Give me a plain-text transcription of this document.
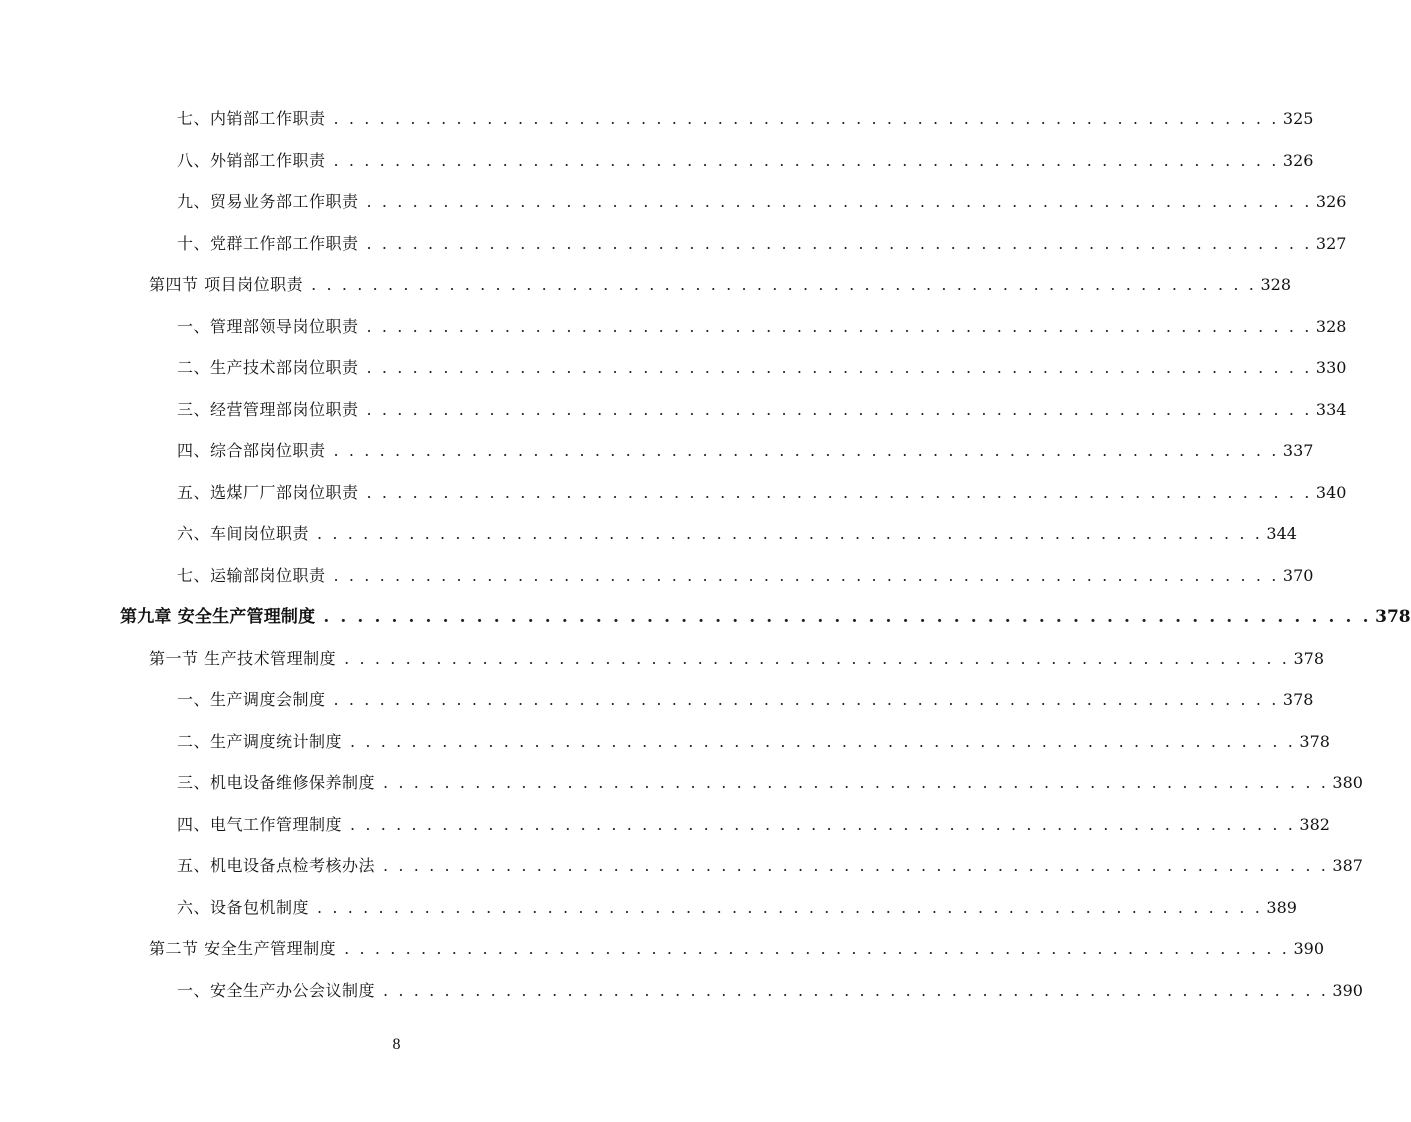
七、内销部工作职责 . . . . . . . . . . . . . . . . . . . . . . . . . . . . . . . . . . . . . . . . . . . . . . . . . . . . . . . . . . . . . . 325
八、外销部工作职责 . . . . . . . . . . . . . . . . . . . . . . . . . . . . . . . . . . . . . . . . . . . . . . . . . . . . . . . . . . . . . . 326
九、贸易业务部工作职责 . . . . . . . . . . . . . . . . . . . . . . . . . . . . . . . . . . . . . . . . . . . . . . . . . . . . . . . . . . . . . . 326
十、党群工作部工作职责 . . . . . . . . . . . . . . . . . . . . . . . . . . . . . . . . . . . . . . . . . . . . . . . . . . . . . . . . . . . . . . 327
第四节 项目岗位职责 . . . . . . . . . . . . . . . . . . . . . . . . . . . . . . . . . . . . . . . . . . . . . . . . . . . . . . . . . . . . . . 328
一、管理部领导岗位职责 . . . . . . . . . . . . . . . . . . . . . . . . . . . . . . . . . . . . . . . . . . . . . . . . . . . . . . . . . . . . . . 328
二、生产技术部岗位职责 . . . . . . . . . . . . . . . . . . . . . . . . . . . . . . . . . . . . . . . . . . . . . . . . . . . . . . . . . . . . . . 330
三、经营管理部岗位职责 . . . . . . . . . . . . . . . . . . . . . . . . . . . . . . . . . . . . . . . . . . . . . . . . . . . . . . . . . . . . . . 334
四、综合部岗位职责 . . . . . . . . . . . . . . . . . . . . . . . . . . . . . . . . . . . . . . . . . . . . . . . . . . . . . . . . . . . . . . 337
五、选煤厂厂部岗位职责 . . . . . . . . . . . . . . . . . . . . . . . . . . . . . . . . . . . . . . . . . . . . . . . . . . . . . . . . . . . . . . 340
六、车间岗位职责 . . . . . . . . . . . . . . . . . . . . . . . . . . . . . . . . . . . . . . . . . . . . . . . . . . . . . . . . . . . . . . 344
七、运输部岗位职责 . . . . . . . . . . . . . . . . . . . . . . . . . . . . . . . . . . . . . . . . . . . . . . . . . . . . . . . . . . . . . . 370
第九章 安全生产管理制度 . . . . . . . . . . . . . . . . . . . . . . . . . . . . . . . . . . . . . . . . . . . . . . . . . . . . . . . . . . . . . . 378
第一节 生产技术管理制度 . . . . . . . . . . . . . . . . . . . . . . . . . . . . . . . . . . . . . . . . . . . . . . . . . . . . . . . . . . . . . . 378
一、生产调度会制度 . . . . . . . . . . . . . . . . . . . . . . . . . . . . . . . . . . . . . . . . . . . . . . . . . . . . . . . . . . . . . . 378
二、生产调度统计制度 . . . . . . . . . . . . . . . . . . . . . . . . . . . . . . . . . . . . . . . . . . . . . . . . . . . . . . . . . . . . . . 378
三、机电设备维修保养制度 . . . . . . . . . . . . . . . . . . . . . . . . . . . . . . . . . . . . . . . . . . . . . . . . . . . . . . . . . . . . . . 380
四、电气工作管理制度 . . . . . . . . . . . . . . . . . . . . . . . . . . . . . . . . . . . . . . . . . . . . . . . . . . . . . . . . . . . . . . 382
五、机电设备点检考核办法 . . . . . . . . . . . . . . . . . . . . . . . . . . . . . . . . . . . . . . . . . . . . . . . . . . . . . . . . . . . . . . 387
六、设备包机制度 . . . . . . . . . . . . . . . . . . . . . . . . . . . . . . . . . . . . . . . . . . . . . . . . . . . . . . . . . . . . . . 389
第二节 安全生产管理制度 . . . . . . . . . . . . . . . . . . . . . . . . . . . . . . . . . . . . . . . . . . . . . . . . . . . . . . . . . . . . . . 390
一、安全生产办公会议制度 . . . . . . . . . . . . . . . . . . . . . . . . . . . . . . . . . . . . . . . . . . . . . . . . . . . . . . . . . . . . . . 390
8
